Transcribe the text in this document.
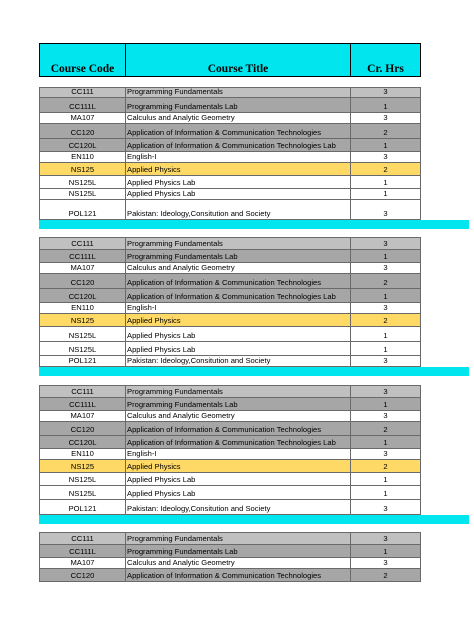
Course Code	Course Title	Cr. Hrs
CC111	Programming Fundamentals	3
CC111L	Programming Fundamentals Lab	1
MA107	Calculus and Analytic Geometry	3
CC120	Application of Information & Communication Technologies	2
CC120L	Application of Information & Communication Technologies Lab	1
EN110	English-I	3
NS125	Applied Physics	2
NS125L	Applied Physics Lab	1
NS125L	Applied Physics Lab	1
POL121	Pakistan: Ideology,Consitution and Society	3
CC111	Programming Fundamentals	3
CC111L	Programming Fundamentals Lab	1
MA107	Calculus and Analytic Geometry	3
CC120	Application of Information & Communication Technologies	2
CC120L	Application of Information & Communication Technologies Lab	1
EN110	English-I	3
NS125	Applied Physics	2
NS125L	Applied Physics Lab	1
NS125L	Applied Physics Lab	1
POL121	Pakistan: Ideology,Consitution and Society	3
CC111	Programming Fundamentals	3
CC111L	Programming Fundamentals Lab	1
MA107	Calculus and Analytic Geometry	3
CC120	Application of Information & Communication Technologies	2
CC120L	Application of Information & Communication Technologies Lab	1
EN110	English-I	3
NS125	Applied Physics	2
NS125L	Applied Physics Lab	1
NS125L	Applied Physics Lab	1
POL121	Pakistan: Ideology,Consitution and Society	3
CC111	Programming Fundamentals	3
CC111L	Programming Fundamentals Lab	1
MA107	Calculus and Analytic Geometry	3
CC120	Application of Information & Communication Technologies	2
